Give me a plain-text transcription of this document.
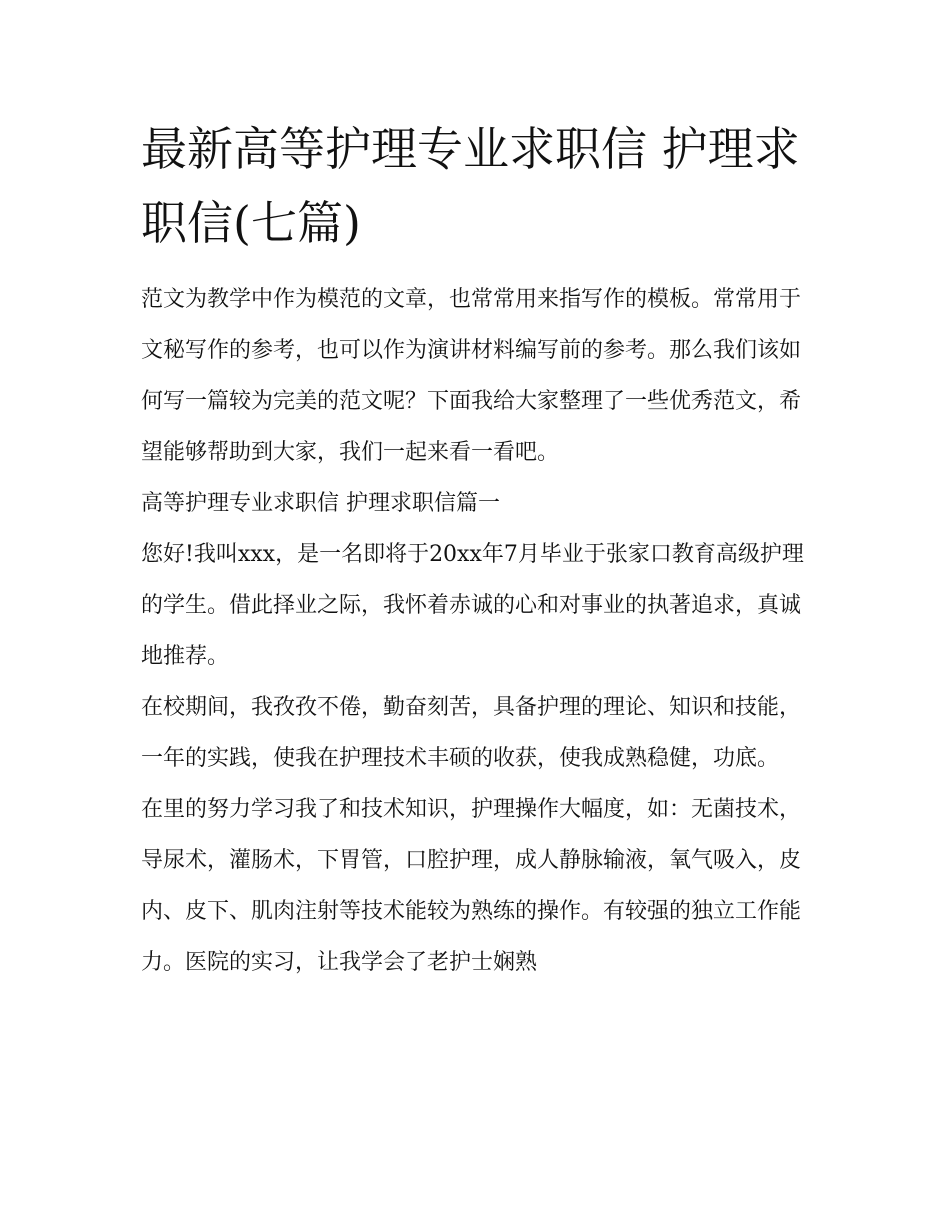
最新高等护理专业求职信 护理求职信(七篇)

范文为教学中作为模范的文章，也常常用来指写作的模板。常常用于文秘写作的参考，也可以作为演讲材料编写前的参考。那么我们该如何写一篇较为完美的范文呢？下面我给大家整理了一些优秀范文，希望能够帮助到大家，我们一起来看一看吧。

高等护理专业求职信 护理求职信篇一

您好!我叫xxx，是一名即将于20xx年7月毕业于张家口教育高级护理的学生。借此择业之际，我怀着赤诚的心和对事业的执著追求，真诚地推荐。

在校期间，我孜孜不倦，勤奋刻苦，具备护理的理论、知识和技能，一年的实践，使我在护理技术丰硕的收获，使我成熟稳健，功底。

在里的努力学习我了和技术知识，护理操作大幅度，如：无菌技术，导尿术，灌肠术，下胃管，口腔护理，成人静脉输液，氧气吸入，皮内、皮下、肌肉注射等技术能较为熟练的操作。有较强的独立工作能力。医院的实习，让我学会了老护士娴熟
